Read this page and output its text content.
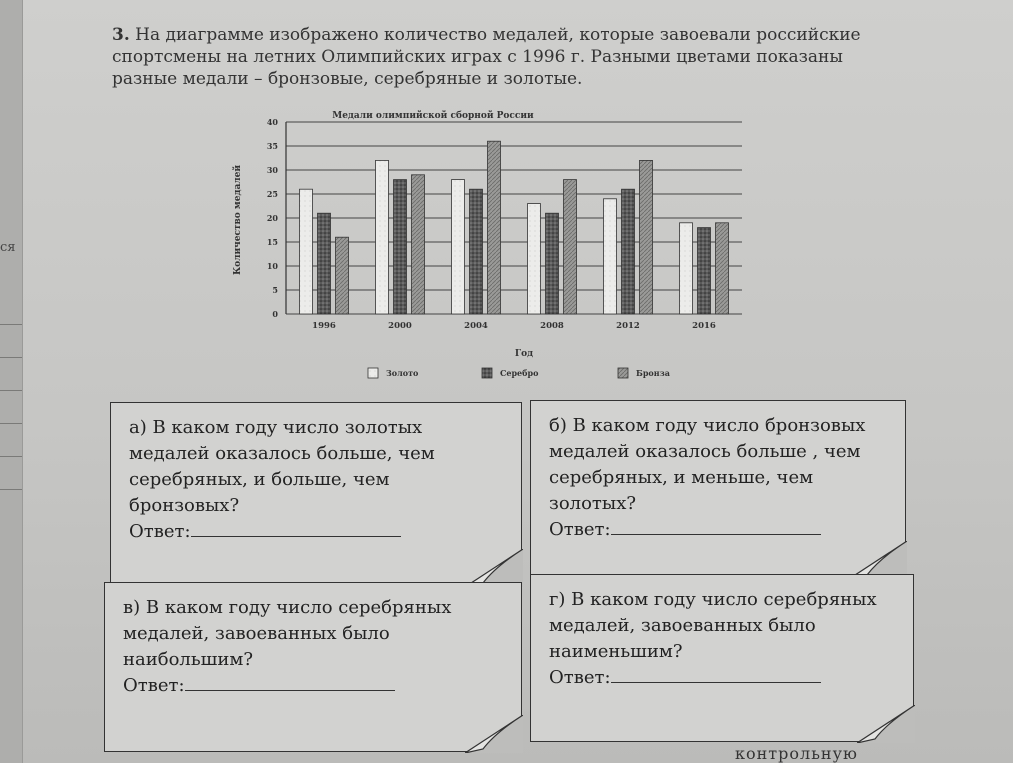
ся
3. На диаграмме изображено количество медалей, которые завоевали российские спортсмены на летних Олимпийских играх с 1996 г. Разными цветами показаны разные медали – бронзовые, серебряные и золотые.
0
5
10
15
20
25
30
35
40
1996	2000	2004	2008	2012	2016
Медали олимпийской сборной России
Количество медалей
Год
Золото	Серебро	Бронза
а) В каком году число золотых медалей оказалось больше, чем серебряных, и больше, чем бронзовых?
Ответ:
б) В каком году число бронзовых медалей оказалось больше , чем серебряных, и меньше, чем золотых?
Ответ:
в) В каком году число серебряных медалей, завоеванных было наибольшим?
Ответ:
г) В каком году число серебряных медалей, завоеванных было наименьшим?
Ответ:
контрольную
